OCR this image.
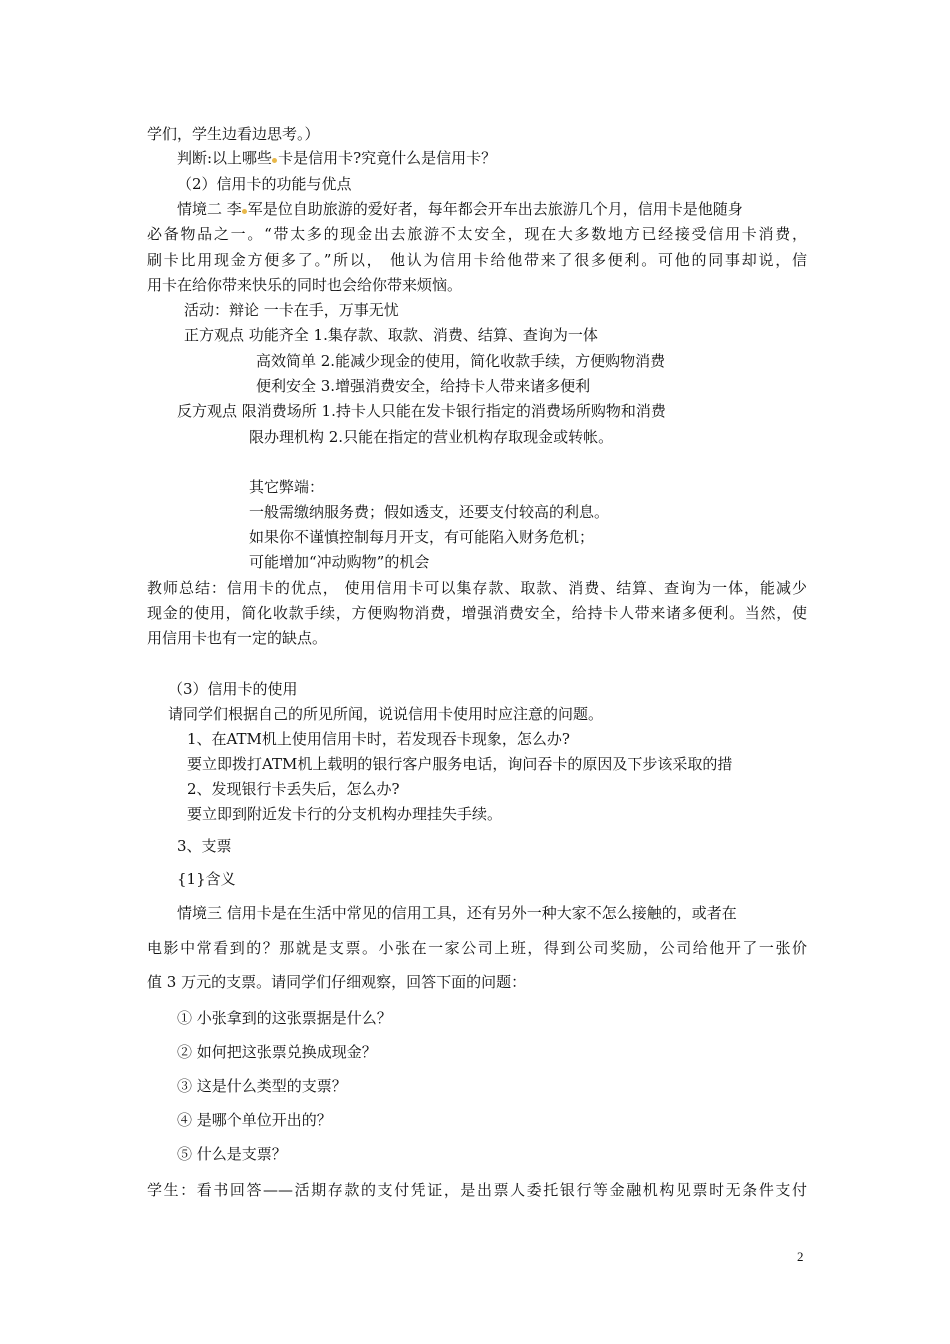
学们，学生边看边思考。）
判断:以上哪些 卡是信用卡?究竟什么是信用卡？
（2）信用卡的功能与优点
情境二 李 军是位自助旅游的爱好者，每年都会开车出去旅游几个月，信用卡是他随身
必备物品之一。“带太多的现金出去旅游不太安全，现在大多数地方已经接受信用卡消费，
刷卡比用现金方便多了。”所以， 他认为信用卡给他带来了很多便利。可他的同事却说，信
用卡在给你带来快乐的同时也会给你带来烦恼。
活动：辩论 一卡在手，万事无忧
正方观点 功能齐全 1.集存款、取款、消费、结算、查询为一体
高效简单 2.能减少现金的使用，简化收款手续，方便购物消费
便利安全 3.增强消费安全，给持卡人带来诸多便利
反方观点 限消费场所 1.持卡人只能在发卡银行指定的消费场所购物和消费
限办理机构 2.只能在指定的营业机构存取现金或转帐。
其它弊端：
一般需缴纳服务费；假如透支，还要支付较高的利息。
如果你不谨慎控制每月开支，有可能陷入财务危机；
可能增加“冲动购物”的机会
教师总结：信用卡的优点， 使用信用卡可以集存款、取款、消费、结算、查询为一体，能减少
现金的使用，简化收款手续，方便购物消费，增强消费安全，给持卡人带来诸多便利。当然，使
用信用卡也有一定的缺点。
（3）信用卡的使用
请同学们根据自己的所见所闻，说说信用卡使用时应注意的问题。
1、在ATM机上使用信用卡时，若发现吞卡现象，怎么办?
要立即拨打ATM机上载明的银行客户服务电话，询问吞卡的原因及下步该采取的措
2、发现银行卡丢失后，怎么办?
要立即到附近发卡行的分支机构办理挂失手续。
3、支票
{1}含义
情境三 信用卡是在生活中常见的信用工具，还有另外一种大家不怎么接触的，或者在
电影中常看到的？那就是支票。小张在一家公司上班，得到公司奖励，公司给他开了一张价
值 3 万元的支票。请同学们仔细观察，回答下面的问题：
① 小张拿到的这张票据是什么？
② 如何把这张票兑换成现金？
③ 这是什么类型的支票？
④ 是哪个单位开出的？
⑤ 什么是支票？
学生：看书回答——活期存款的支付凭证，是出票人委托银行等金融机构见票时无条件支付
2
